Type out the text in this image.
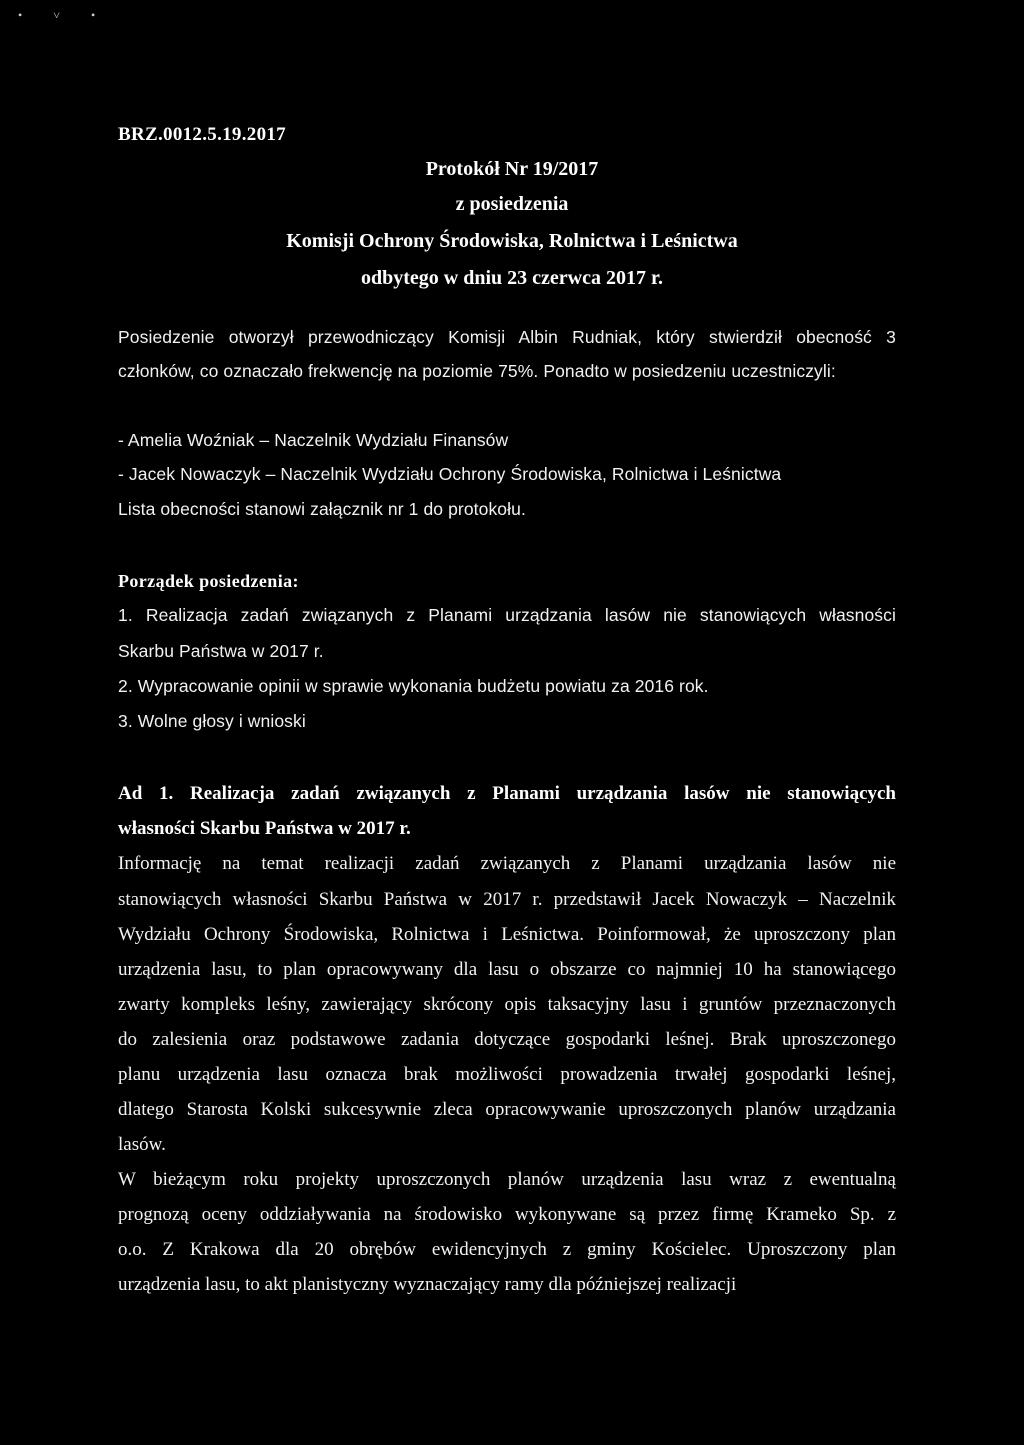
• ˅ •
BRZ.0012.5.19.2017
Protokół Nr 19/2017
z posiedzenia
Komisji Ochrony Środowiska, Rolnictwa i Leśnictwa
odbytego w dniu 23 czerwca 2017 r.
Posiedzenie otworzył przewodniczący Komisji Albin Rudniak, który stwierdził obecność 3
członków, co oznaczało frekwencję na poziomie 75%. Ponadto w posiedzeniu uczestniczyli:
- Amelia Woźniak – Naczelnik Wydziału Finansów
- Jacek Nowaczyk – Naczelnik Wydziału Ochrony Środowiska, Rolnictwa i Leśnictwa
Lista obecności stanowi załącznik nr 1 do protokołu.
Porządek posiedzenia:
1. Realizacja zadań związanych z Planami urządzania lasów nie stanowiących własności
Skarbu Państwa w 2017 r.
2. Wypracowanie opinii w sprawie wykonania budżetu powiatu za 2016 rok.
3. Wolne głosy i wnioski
Ad 1. Realizacja zadań związanych z Planami urządzania lasów nie stanowiących
własności Skarbu Państwa w 2017 r.
Informację na temat realizacji zadań związanych z Planami urządzania lasów nie
stanowiących własności Skarbu Państwa w 2017 r. przedstawił Jacek Nowaczyk – Naczelnik
Wydziału Ochrony Środowiska, Rolnictwa i Leśnictwa. Poinformował, że uproszczony plan
urządzenia lasu, to plan opracowywany dla lasu o obszarze co najmniej 10 ha stanowiącego
zwarty kompleks leśny, zawierający skrócony opis taksacyjny lasu i gruntów przeznaczonych
do zalesienia oraz podstawowe zadania dotyczące gospodarki leśnej. Brak uproszczonego
planu urządzenia lasu oznacza brak możliwości prowadzenia trwałej gospodarki leśnej,
dlatego Starosta Kolski sukcesywnie zleca opracowywanie uproszczonych planów urządzania
lasów.
W bieżącym roku projekty uproszczonych planów urządzenia lasu wraz z ewentualną
prognozą oceny oddziaływania na środowisko wykonywane są przez firmę Krameko Sp. z
o.o. Z Krakowa dla 20 obrębów ewidencyjnych z gminy Kościelec. Uproszczony plan
urządzenia lasu, to akt planistyczny wyznaczający ramy dla późniejszej realizacji
